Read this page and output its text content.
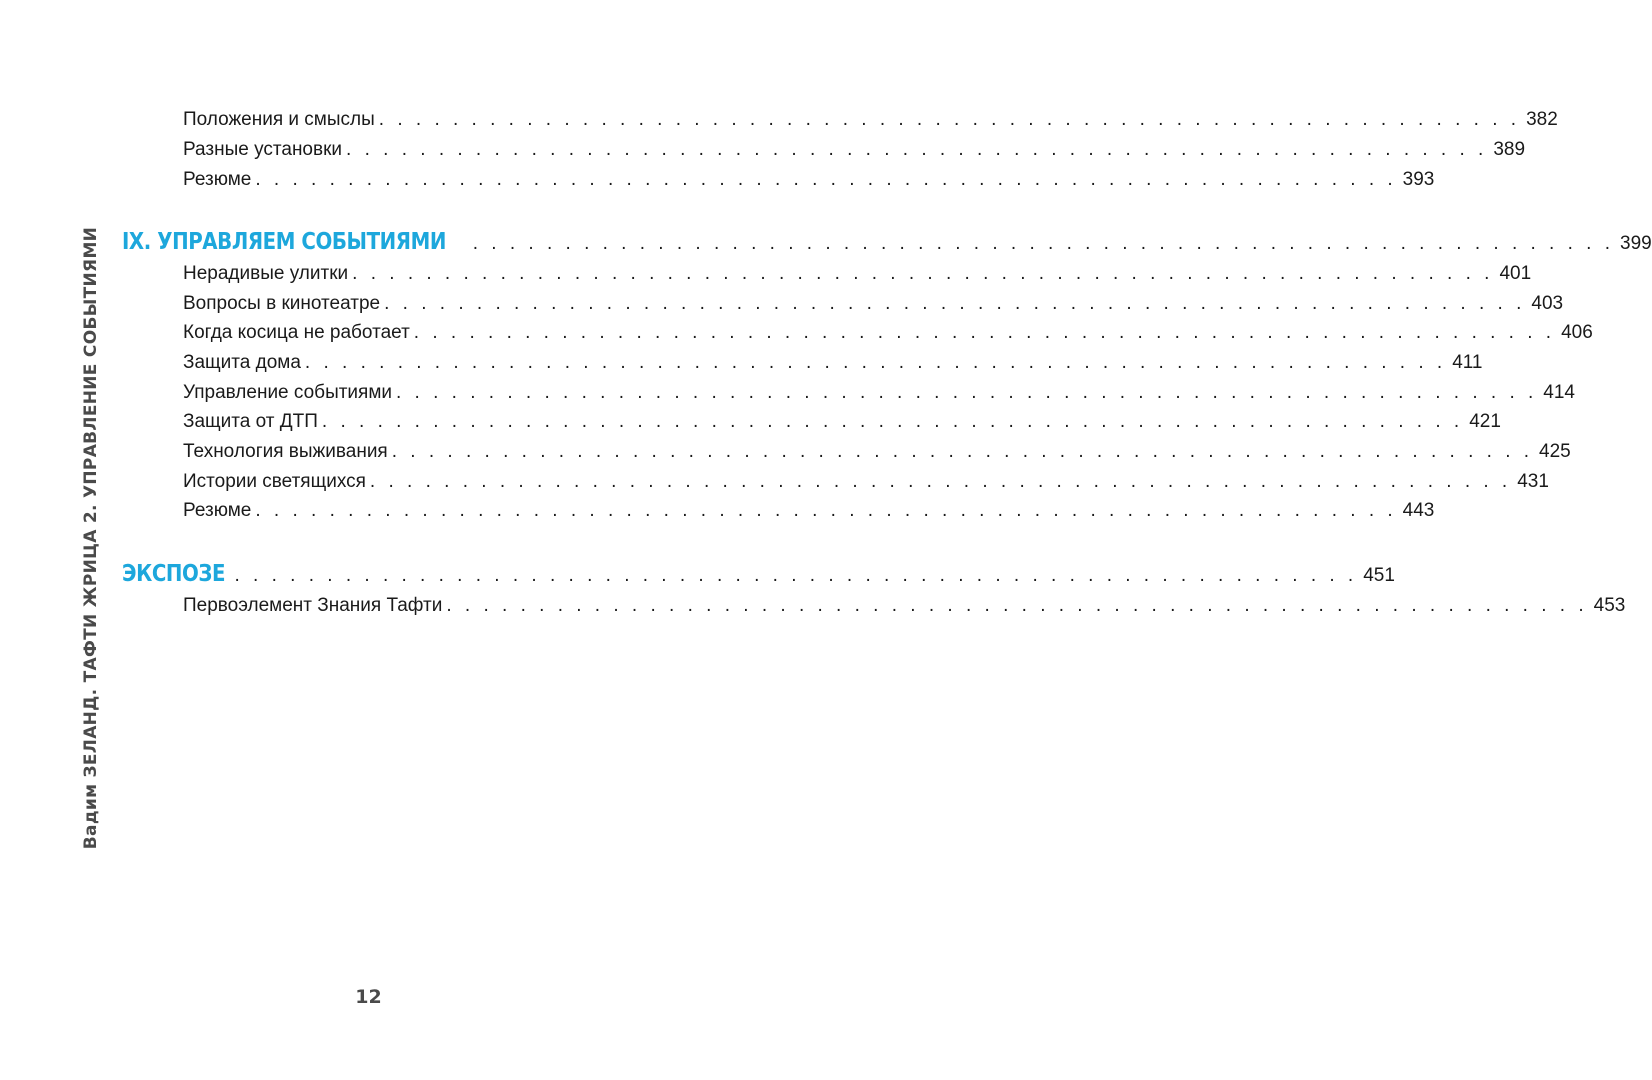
Вадим ЗЕЛАНД. ТАФТИ ЖРИЦА 2. УПРАВЛЕНИЕ СОБЫТИЯМИ
Положения и смыслы . . . . . . . . . . . . . . . . . . . . . . . . . . . . . . . . . . . . . . . . . . . . . . . . . . . . . . . . . . . . . . 382
Разные установки . . . . . . . . . . . . . . . . . . . . . . . . . . . . . . . . . . . . . . . . . . . . . . . . . . . . . . . . . . . . . . 389
Резюме . . . . . . . . . . . . . . . . . . . . . . . . . . . . . . . . . . . . . . . . . . . . . . . . . . . . . . . . . . . . . . 393
IX. УПРАВЛЯЕМ СОБЫТИЯМИ . . . . . . . . . . . . . . . . . . . . . . . . . . . . . . . . . . . . . . . . . . . . . . . . . . . . . . . . . . . . . . 399
Нерадивые улитки . . . . . . . . . . . . . . . . . . . . . . . . . . . . . . . . . . . . . . . . . . . . . . . . . . . . . . . . . . . . . . 401
Вопросы в кинотеатре . . . . . . . . . . . . . . . . . . . . . . . . . . . . . . . . . . . . . . . . . . . . . . . . . . . . . . . . . . . . . . 403
Когда косица не работает . . . . . . . . . . . . . . . . . . . . . . . . . . . . . . . . . . . . . . . . . . . . . . . . . . . . . . . . . . . . . . 406
Защита дома . . . . . . . . . . . . . . . . . . . . . . . . . . . . . . . . . . . . . . . . . . . . . . . . . . . . . . . . . . . . . . 411
Управление событиями . . . . . . . . . . . . . . . . . . . . . . . . . . . . . . . . . . . . . . . . . . . . . . . . . . . . . . . . . . . . . . 414
Защита от ДТП . . . . . . . . . . . . . . . . . . . . . . . . . . . . . . . . . . . . . . . . . . . . . . . . . . . . . . . . . . . . . . 421
Технология выживания . . . . . . . . . . . . . . . . . . . . . . . . . . . . . . . . . . . . . . . . . . . . . . . . . . . . . . . . . . . . . . 425
Истории светящихся . . . . . . . . . . . . . . . . . . . . . . . . . . . . . . . . . . . . . . . . . . . . . . . . . . . . . . . . . . . . . . 431
Резюме . . . . . . . . . . . . . . . . . . . . . . . . . . . . . . . . . . . . . . . . . . . . . . . . . . . . . . . . . . . . . . 443
ЭКСПОЗЕ
. . . . . . . . . . . . . . . . . . . . . . . . . . . . . . . . . . . . . . . . . . . . . . . . . . . . . . . . . . . . . . 451
Первоэлемент Знания Тафти . . . . . . . . . . . . . . . . . . . . . . . . . . . . . . . . . . . . . . . . . . . . . . . . . . . . . . . . . . . . . . 453
12
